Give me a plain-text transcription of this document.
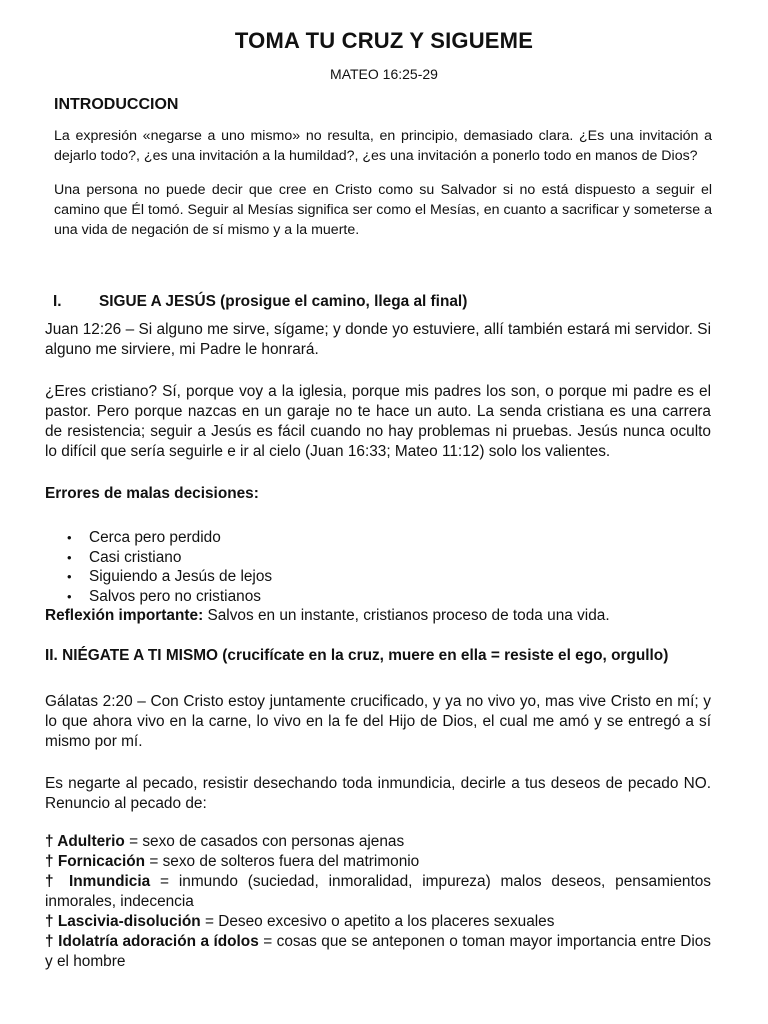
TOMA TU CRUZ Y SIGUEME
MATEO 16:25-29
INTRODUCCION

La expresión «negarse a uno mismo» no resulta, en principio, demasiado clara. ¿Es una invitación a dejarlo todo?, ¿es una invitación a la humildad?, ¿es una invitación a ponerlo todo en manos de Dios?

Una persona no puede decir que cree en Cristo como su Salvador si no está dispuesto a seguir el camino que Él tomó. Seguir al Mesías significa ser como el Mesías, en cuanto a sacrificar y someterse a una vida de negación de sí mismo y a la muerte.

I.	SIGUE A JESÚS (prosigue el camino, llega al final)

Juan 12:26 – Si alguno me sirve, sígame; y donde yo estuviere, allí también estará mi servidor. Si alguno me sirviere, mi Padre le honrará.

¿Eres cristiano? Sí, porque voy a la iglesia, porque mis padres los son, o porque mi padre es el pastor. Pero porque nazcas en un garaje no te hace un auto. La senda cristiana es una carrera de resistencia; seguir a Jesús es fácil cuando no hay problemas ni pruebas. Jesús nunca oculto lo difícil que sería seguirle e ir al cielo (Juan 16:33; Mateo 11:12) solo los valientes.

Errores de malas decisiones:

• Cerca pero perdido
• Casi cristiano
• Siguiendo a Jesús de lejos
• Salvos pero no cristianos

Reflexión importante: Salvos en un instante, cristianos proceso de toda una vida.

II. NIÉGATE A TI MISMO (crucifícate en la cruz, muere en ella = resiste el ego, orgullo)

Gálatas 2:20 – Con Cristo estoy juntamente crucificado, y ya no vivo yo, mas vive Cristo en mí; y lo que ahora vivo en la carne, lo vivo en la fe del Hijo de Dios, el cual me amó y se entregó a sí mismo por mí.

Es negarte al pecado, resistir desechando toda inmundicia, decirle a tus deseos de pecado NO. Renuncio al pecado de:

† Adulterio = sexo de casados con personas ajenas

† Fornicación = sexo de solteros fuera del matrimonio

† Inmundicia = inmundo (suciedad, inmoralidad, impureza) malos deseos, pensamientos inmorales, indecencia

† Lascivia-disolución = Deseo excesivo o apetito a los placeres sexuales

† Idolatría adoración a ídolos = cosas que se anteponen o toman mayor importancia entre Dios y el hombre
